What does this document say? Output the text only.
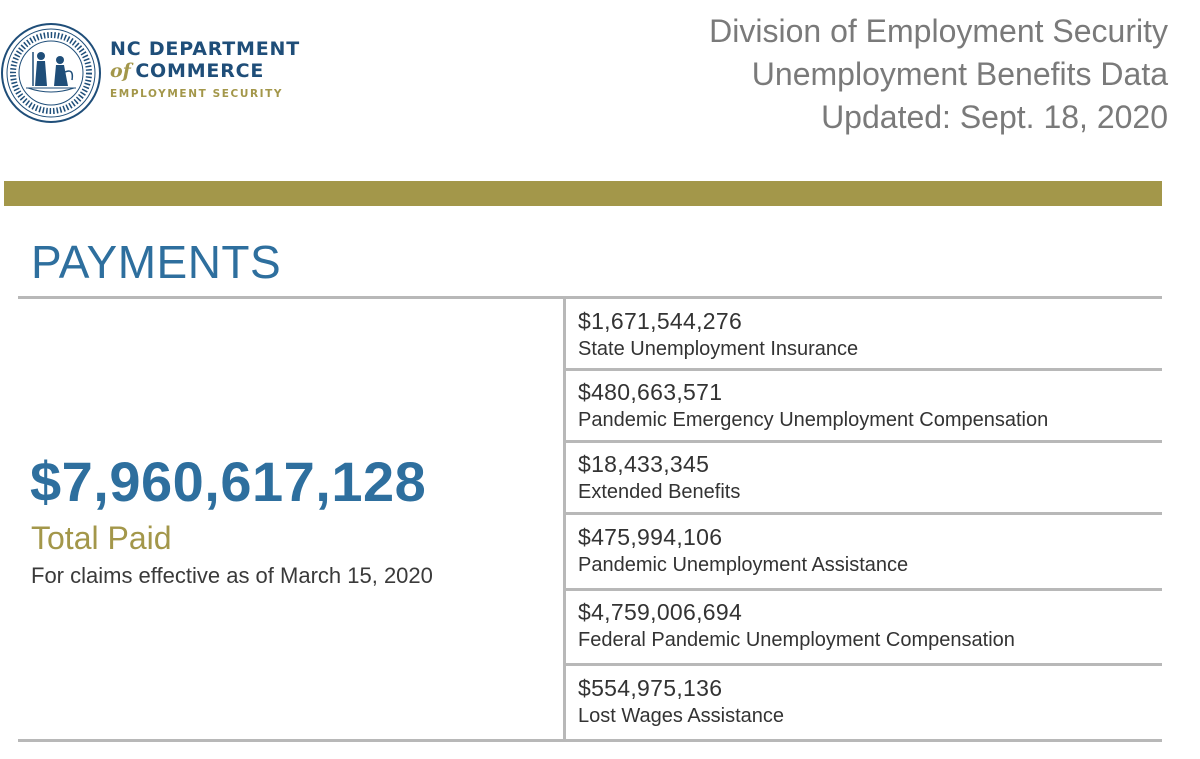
NC DEPARTMENT
of COMMERCE
EMPLOYMENT SECURITY
Division of Employment Security
Unemployment Benefits Data
Updated: Sept. 18, 2020
PAYMENTS
$7,960,617,128
Total Paid
For claims effective as of March 15, 2020
$1,671,544,276
State Unemployment Insurance
$480,663,571
Pandemic Emergency Unemployment Compensation
$18,433,345
Extended Benefits
$475,994,106
Pandemic Unemployment Assistance
$4,759,006,694
Federal Pandemic Unemployment Compensation
$554,975,136
Lost Wages Assistance
